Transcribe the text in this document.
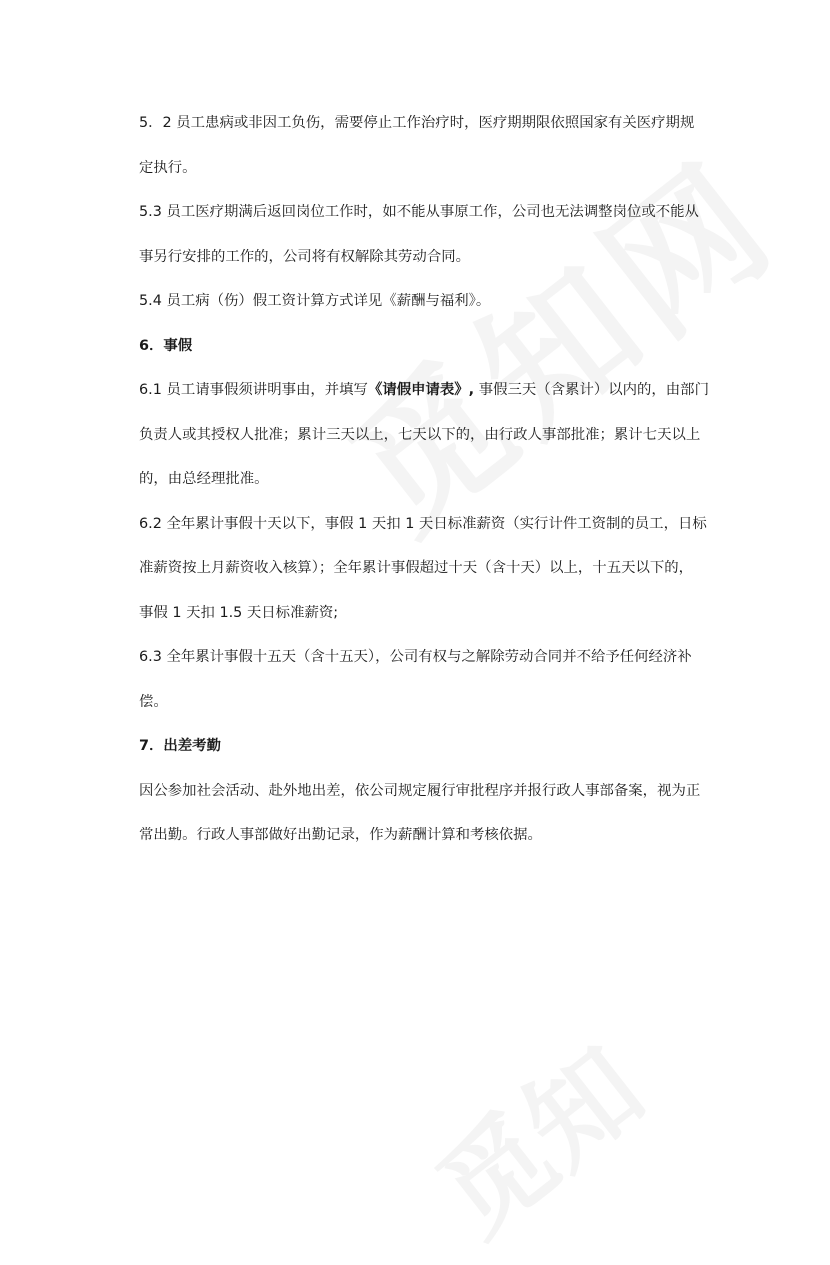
5．2 员工患病或非因工负伤，需要停止工作治疗时，医疗期期限依照国家有关医疗期规

定执行。

5.3 员工医疗期满后返回岗位工作时，如不能从事原工作，公司也无法调整岗位或不能从

事另行安排的工作的，公司将有权解除其劳动合同。

5.4 员工病（伤）假工资计算方式详见《薪酬与福利》。

6．事假

6.1 员工请事假须讲明事由，并填写《请假申请表》, 事假三天（含累计）以内的，由部门

负责人或其授权人批准；累计三天以上，七天以下的，由行政人事部批准；累计七天以上

的，由总经理批准。

6.2 全年累计事假十天以下，事假 1 天扣 1 天日标准薪资（实行计件工资制的员工，日标

准薪资按上月薪资收入核算）；全年累计事假超过十天（含十天）以上，十五天以下的，

事假 1 天扣 1.5 天日标准薪资;

6.3 全年累计事假十五天（含十五天），公司有权与之解除劳动合同并不给予任何经济补

偿。

7．出差考勤

因公参加社会活动、赴外地出差，依公司规定履行审批程序并报行政人事部备案，视为正

常出勤。行政人事部做好出勤记录，作为薪酬计算和考核依据。
